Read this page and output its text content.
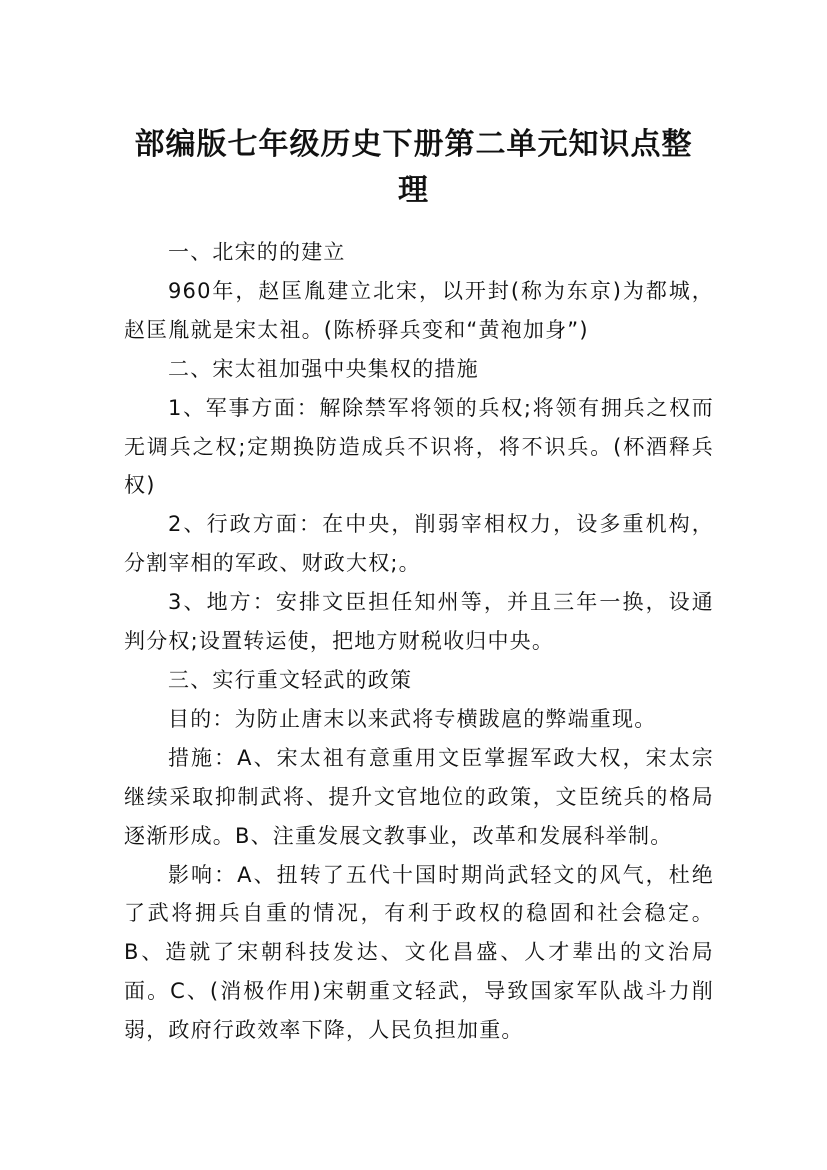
部编版七年级历史下册第二单元知识点整
理

一、北宋的的建立

960年，赵匡胤建立北宋，以开封(称为东京)为都城，赵匡胤就是宋太祖。(陈桥驿兵变和“黄袍加身”)

二、宋太祖加强中央集权的措施

1、军事方面：解除禁军将领的兵权;将领有拥兵之权而无调兵之权;定期换防造成兵不识将，将不识兵。(杯酒释兵权)

2、行政方面：在中央，削弱宰相权力，设多重机构，分割宰相的军政、财政大权;。

3、地方：安排文臣担任知州等，并且三年一换，设通判分权;设置转运使，把地方财税收归中央。

三、实行重文轻武的政策

目的：为防止唐末以来武将专横跋扈的弊端重现。

措施：A、宋太祖有意重用文臣掌握军政大权，宋太宗继续采取抑制武将、提升文官地位的政策，文臣统兵的格局逐渐形成。B、注重发展文教事业，改革和发展科举制。

影响：A、扭转了五代十国时期尚武轻文的风气，杜绝了武将拥兵自重的情况，有利于政权的稳固和社会稳定。B、造就了宋朝科技发达、文化昌盛、人才辈出的文治局面。C、(消极作用)宋朝重文轻武，导致国家军队战斗力削弱，政府行政效率下降，人民负担加重。
